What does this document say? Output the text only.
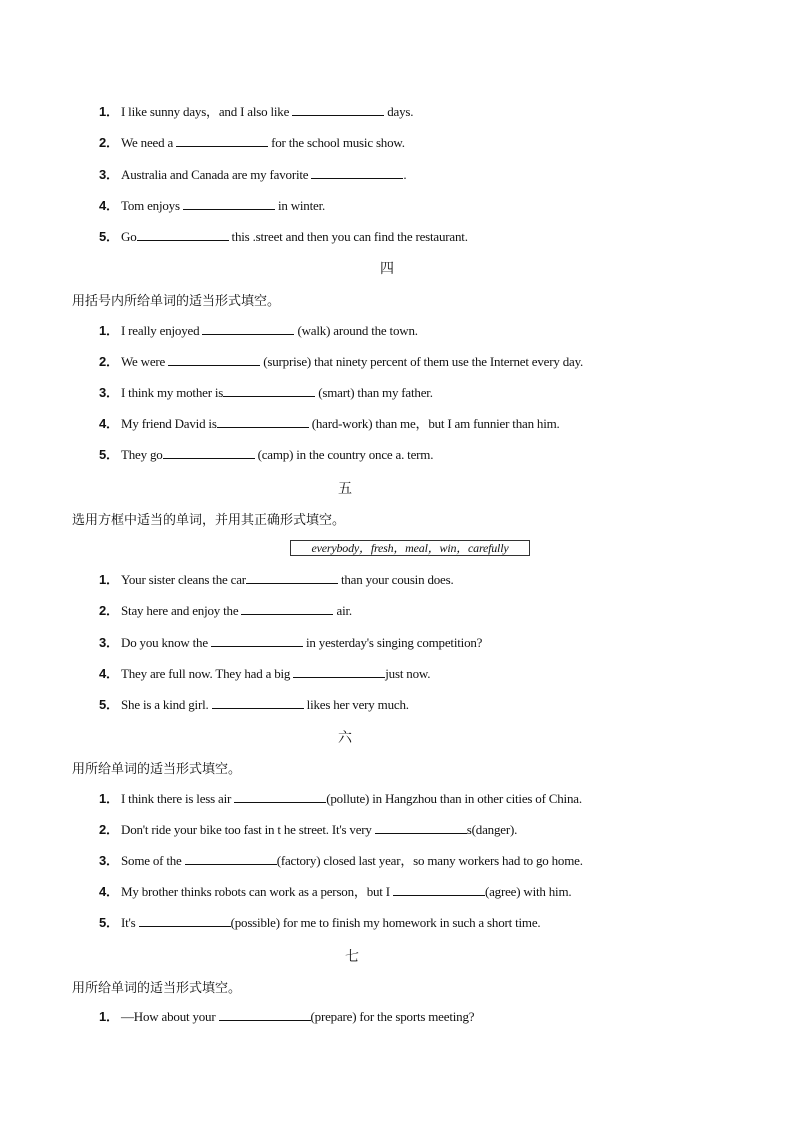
1． I like sunny days，and I also like	days.
2． We need a	for the school music show.
3． Australia and Canada are my favorite	.
4． Tom enjoys	in winter.
5． Go	this .street and then you can find the restaurant.
四
用括号内所给单词的适当形式填空。
1． I really enjoyed	(walk) around the town.
2． We were	(surprise) that ninety percent of them use the Internet every day.
3． I think my mother is	(smart) than my father.
4． My friend David is	(hard-work) than me，but I am funnier than him.
5． They go	(camp) in the country once a. term.
五
选用方框中适当的单词，并用其正确形式填空。
everybody，fresh，meal，win，carefully
1． Your sister cleans the car	than your cousin does.
2． Stay here and enjoy the	air.
3． Do you know the	in yesterday's singing competition?
4． They are full now. They had a big	just now.
5． She is a kind girl.	likes her very much.
六
用所给单词的适当形式填空。
1． I think there is less air	(pollute) in Hangzhou than in other cities of China.
2． Don't ride your bike too fast in t he street. It's very	s(danger).
3． Some of the	(factory) closed last year，so many workers had to go home.
4． My brother thinks robots can work as a person，but I	(agree) with him.
5． It's	(possible) for me to finish my homework in such a short time.
七
用所给单词的适当形式填空。
1． —How about your	(prepare) for the sports meeting?
